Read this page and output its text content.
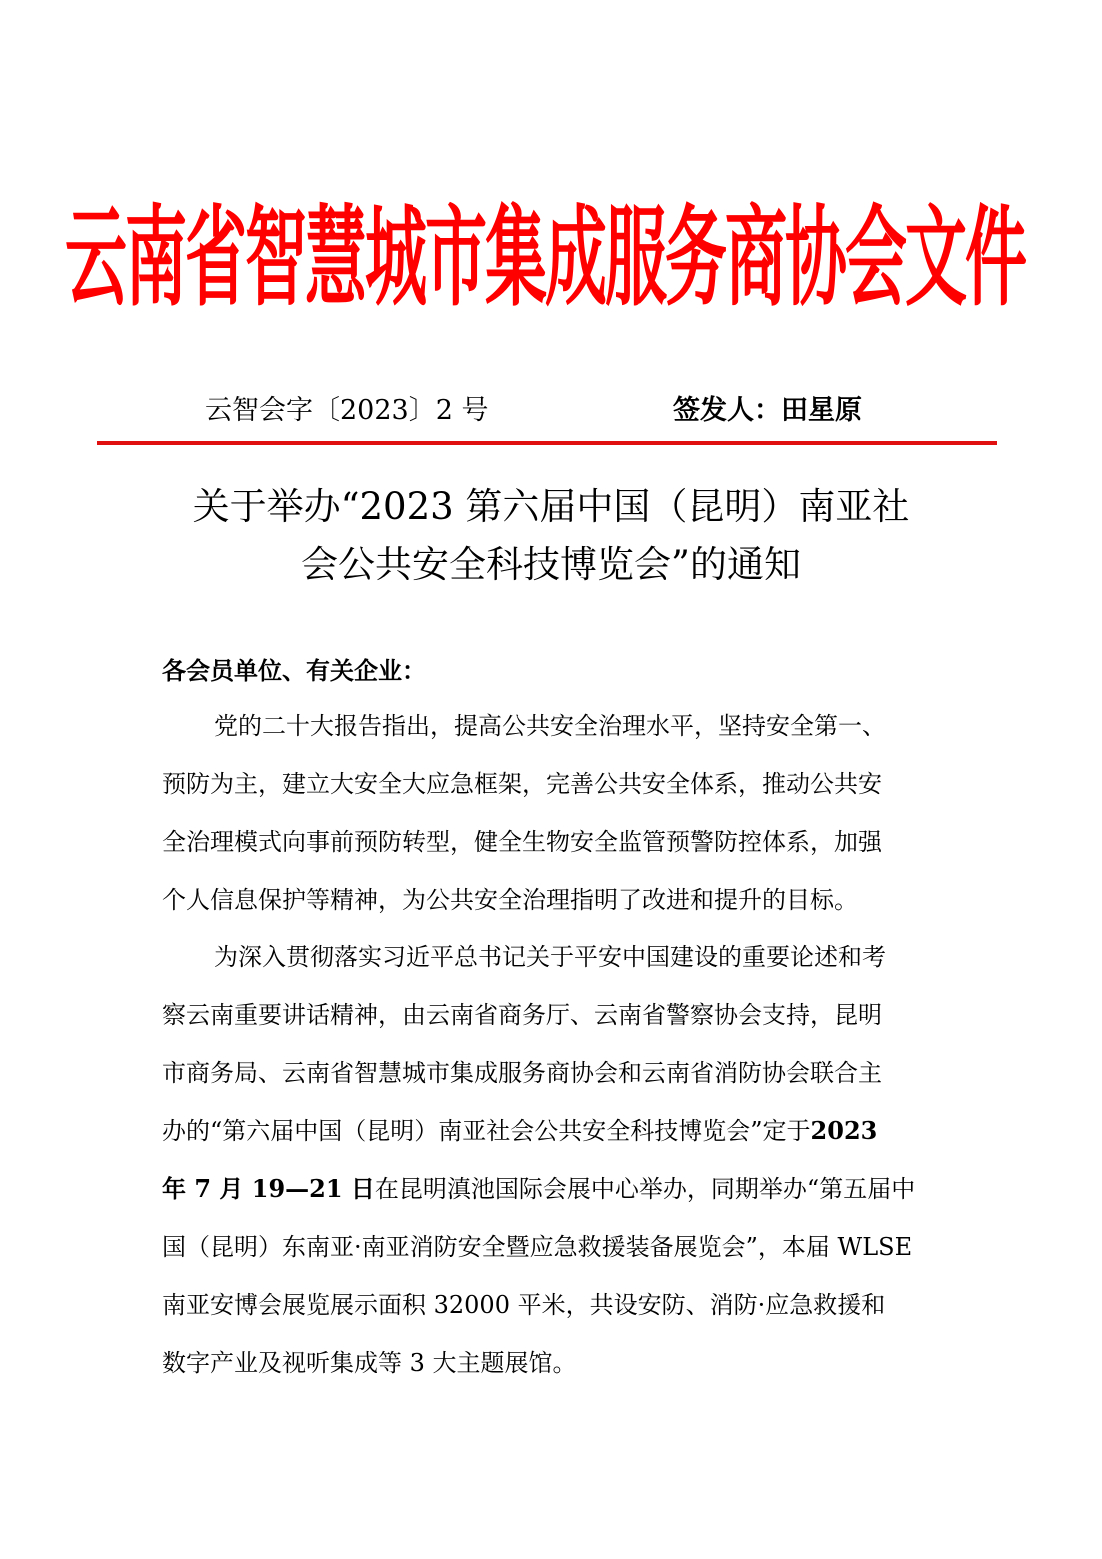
云南省智慧城市集成服务商协会文件
云智会字〔2023〕2 号	签发人：田星原
关于举办“2023 第六届中国（昆明）南亚社
会公共安全科技博览会”的通知
各会员单位、有关企业：
党的二十大报告指出，提高公共安全治理水平，坚持安全第一、
预防为主，建立大安全大应急框架，完善公共安全体系，推动公共安
全治理模式向事前预防转型，健全生物安全监管预警防控体系，加强
个人信息保护等精神，为公共安全治理指明了改进和提升的目标。
为深入贯彻落实习近平总书记关于平安中国建设的重要论述和考
察云南重要讲话精神，由云南省商务厅、云南省警察协会支持，昆明
市商务局、云南省智慧城市集成服务商协会和云南省消防协会联合主
办的“第六届中国（昆明）南亚社会公共安全科技博览会”定于2023
年 7 月 19—21 日在昆明滇池国际会展中心举办，同期举办“第五届中
国（昆明）东南亚·南亚消防安全暨应急救援装备展览会”，本届 WLSE
南亚安博会展览展示面积 32000 平米，共设安防、消防·应急救援和
数字产业及视听集成等 3 大主题展馆。
